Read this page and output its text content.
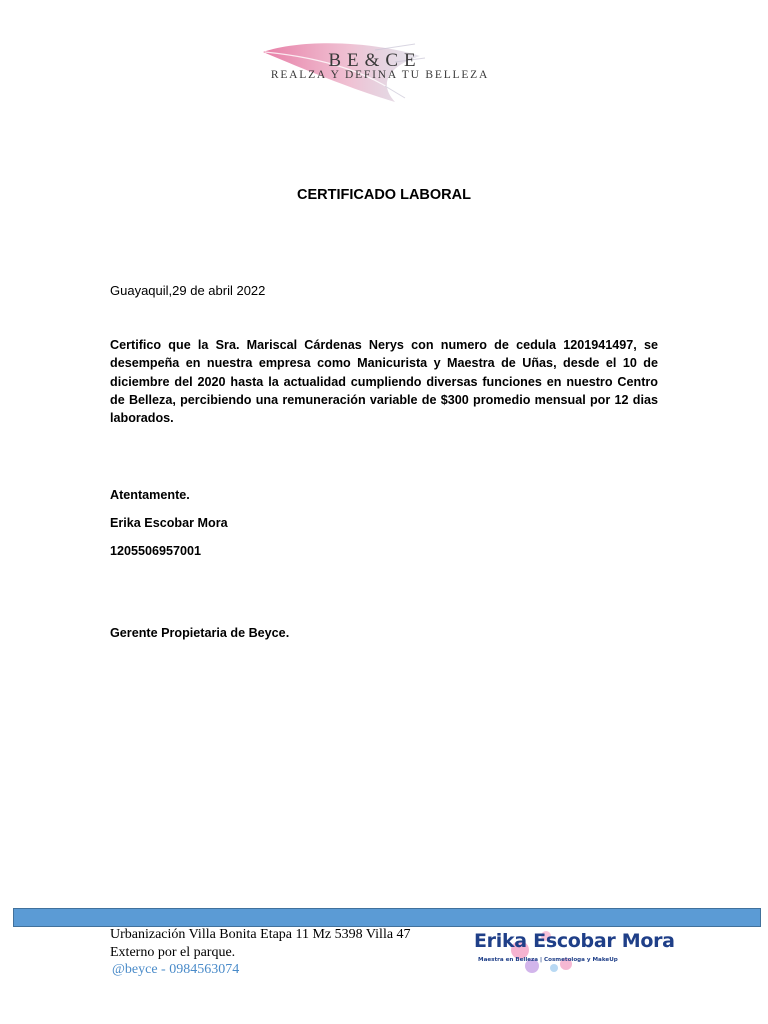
BE&CE
REALZA Y DEFINA TU BELLEZA
CERTIFICADO LABORAL
Guayaquil,29 de abril 2022
Certifico que la Sra. Mariscal Cárdenas Nerys con numero de cedula 1201941497, se desempeña en nuestra empresa como Manicurista y Maestra de Uñas, desde el 10 de diciembre del 2020 hasta la actualidad cumpliendo diversas funciones en nuestro Centro de Belleza, percibiendo una remuneración variable de $300 promedio mensual por 12 dias laborados.
Atentamente.
Erika Escobar Mora
1205506957001
Gerente Propietaria de Beyce.
Urbanización Villa Bonita Etapa 11 Mz 5398 Villa 47
Externo por el parque.
@beyce - 0984563074
Erika Escobar Mora
Maestra en Belleza | Cosmetologa y MakeUp
